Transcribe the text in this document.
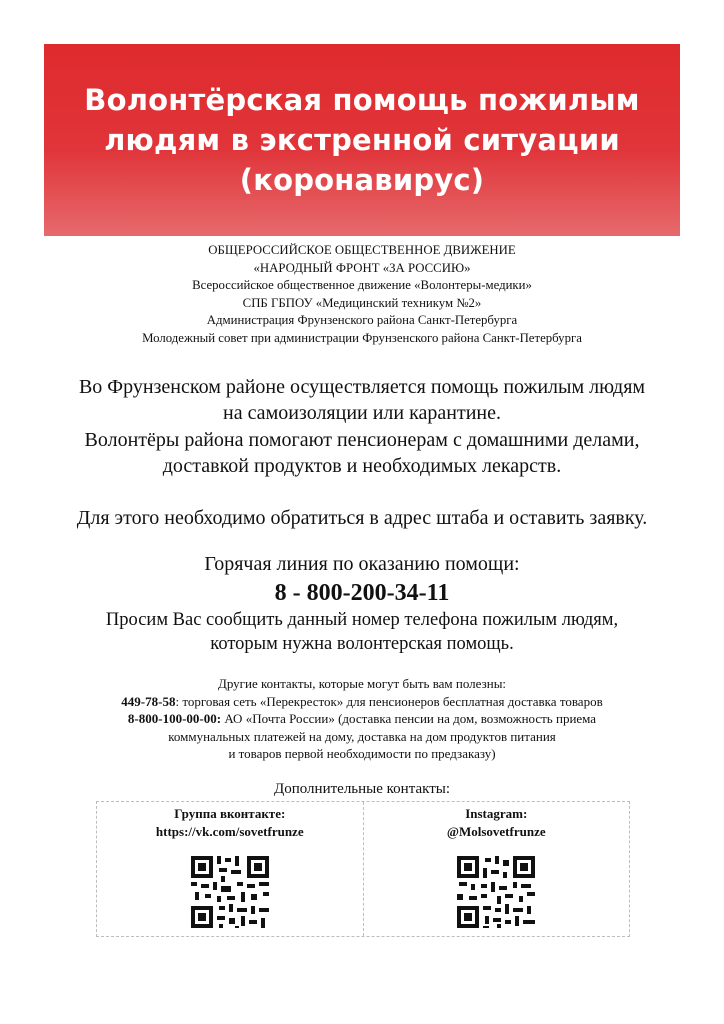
Волонтёрская помощь пожилым
людям в экстренной ситуации
(коронавирус)
ОБЩЕРОССИЙСКОЕ ОБЩЕСТВЕННОЕ ДВИЖЕНИЕ
«НАРОДНЫЙ ФРОНТ «ЗА РОССИЮ»
Всероссийское общественное движение «Волонтеры-медики»
СПБ ГБПОУ «Медицинский техникум №2»
Администрация Фрунзенского района Санкт-Петербурга
Молодежный совет при администрации Фрунзенского района Санкт-Петербурга
Во Фрунзенском районе осуществляется помощь пожилым людям
на самоизоляции или карантине.
Волонтёры района помогают пенсионерам с домашними делами,
доставкой продуктов и необходимых лекарств.
Для этого необходимо обратиться в адрес штаба и оставить заявку.
Горячая линия по оказанию помощи:
8 - 800-200-34-11
Просим Вас сообщить данный номер телефона пожилым людям,
которым нужна волонтерская помощь.
Другие контакты, которые могут быть вам полезны:
449-78-58: торговая сеть «Перекресток» для пенсионеров бесплатная доставка товаров
8-800-100-00-00: АО «Почта России» (доставка пенсии на дом, возможность приема
коммунальных платежей на дому, доставка на дом продуктов питания
и товаров первой необходимости по предзаказу)
Дополнительные контакты:
Группа вконтакте:
https://vk.com/sovetfrunze
Instagram:
@Molsovetfrunze
